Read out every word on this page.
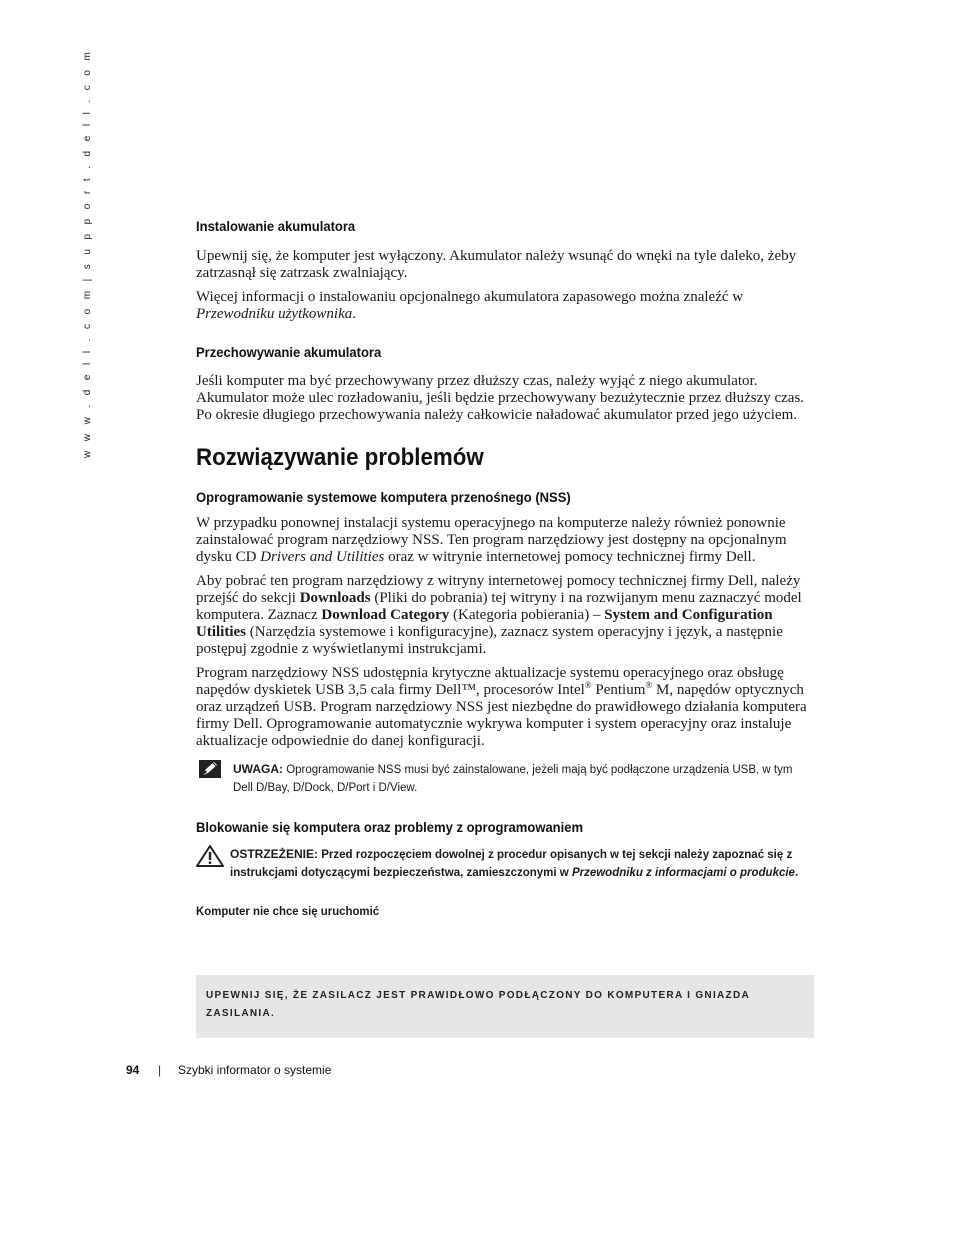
w w w . d e l l . c o m | s u p p o r t . d e l l . c o m	Instalowanie akumulatora

Upewnij się, że komputer jest wyłączony. Akumulator należy wsunąć do wnęki na tyle daleko, żeby zatrzasnął się zatrzask zwalniający.

Więcej informacji o instalowaniu opcjonalnego akumulatora zapasowego można znaleźć w Przewodniku użytkownika.

Przechowywanie akumulatora

Jeśli komputer ma być przechowywany przez dłuższy czas, należy wyjąć z niego akumulator. Akumulator może ulec rozładowaniu, jeśli będzie przechowywany bezużytecznie przez dłuższy czas. Po okresie długiego przechowywania należy całkowicie naładować akumulator przed jego użyciem.

Rozwiązywanie problemów
Oprogramowanie systemowe komputera przenośnego (NSS)

W przypadku ponownej instalacji systemu operacyjnego na komputerze należy również ponownie zainstalować program narzędziowy NSS. Ten program narzędziowy jest dostępny na opcjonalnym dysku CD Drivers and Utilities oraz w witrynie internetowej pomocy technicznej firmy Dell.

Aby pobrać ten program narzędziowy z witryny internetowej pomocy technicznej firmy Dell, należy przejść do sekcji Downloads (Pliki do pobrania) tej witryny i na rozwijanym menu zaznaczyć model komputera. Zaznacz Download Category (Kategoria pobierania) – System and Configuration Utilities (Narzędzia systemowe i konfiguracyjne), zaznacz system operacyjny i język, a następnie postępuj zgodnie z wyświetlanymi instrukcjami.

Program narzędziowy NSS udostępnia krytyczne aktualizacje systemu operacyjnego oraz obsługę napędów dyskietek USB 3,5 cala firmy Dell™, procesorów Intel® Pentium® M, napędów optycznych oraz urządzeń USB. Program narzędziowy NSS jest niezbędne do prawidłowego działania komputera firmy Dell. Oprogramowanie automatycznie wykrywa komputer i system operacyjny oraz instaluje aktualizacje odpowiednie do danej konfiguracji.

UWAGA: Oprogramowanie NSS musi być zainstalowane, jeżeli mają być podłączone urządzenia USB, w tym Dell D/Bay, D/Dock, D/Port i D/View.
Blokowanie się komputera oraz problemy z oprogramowaniem
OSTRZEŻENIE: Przed rozpoczęciem dowolnej z procedur opisanych w tej sekcji należy zapoznać się z instrukcjami dotyczącymi bezpieczeństwa, zamieszczonymi w Przewodniku z informacjami o produkcie.
Komputer nie chce się uruchomić
UPEWNIJ SIĘ, ŻE ZASILACZ JEST PRAWIDŁOWO PODŁĄCZONY DO KOMPUTERA I GNIAZDA ZASILANIA.
94	|	Szybki informator o systemie
